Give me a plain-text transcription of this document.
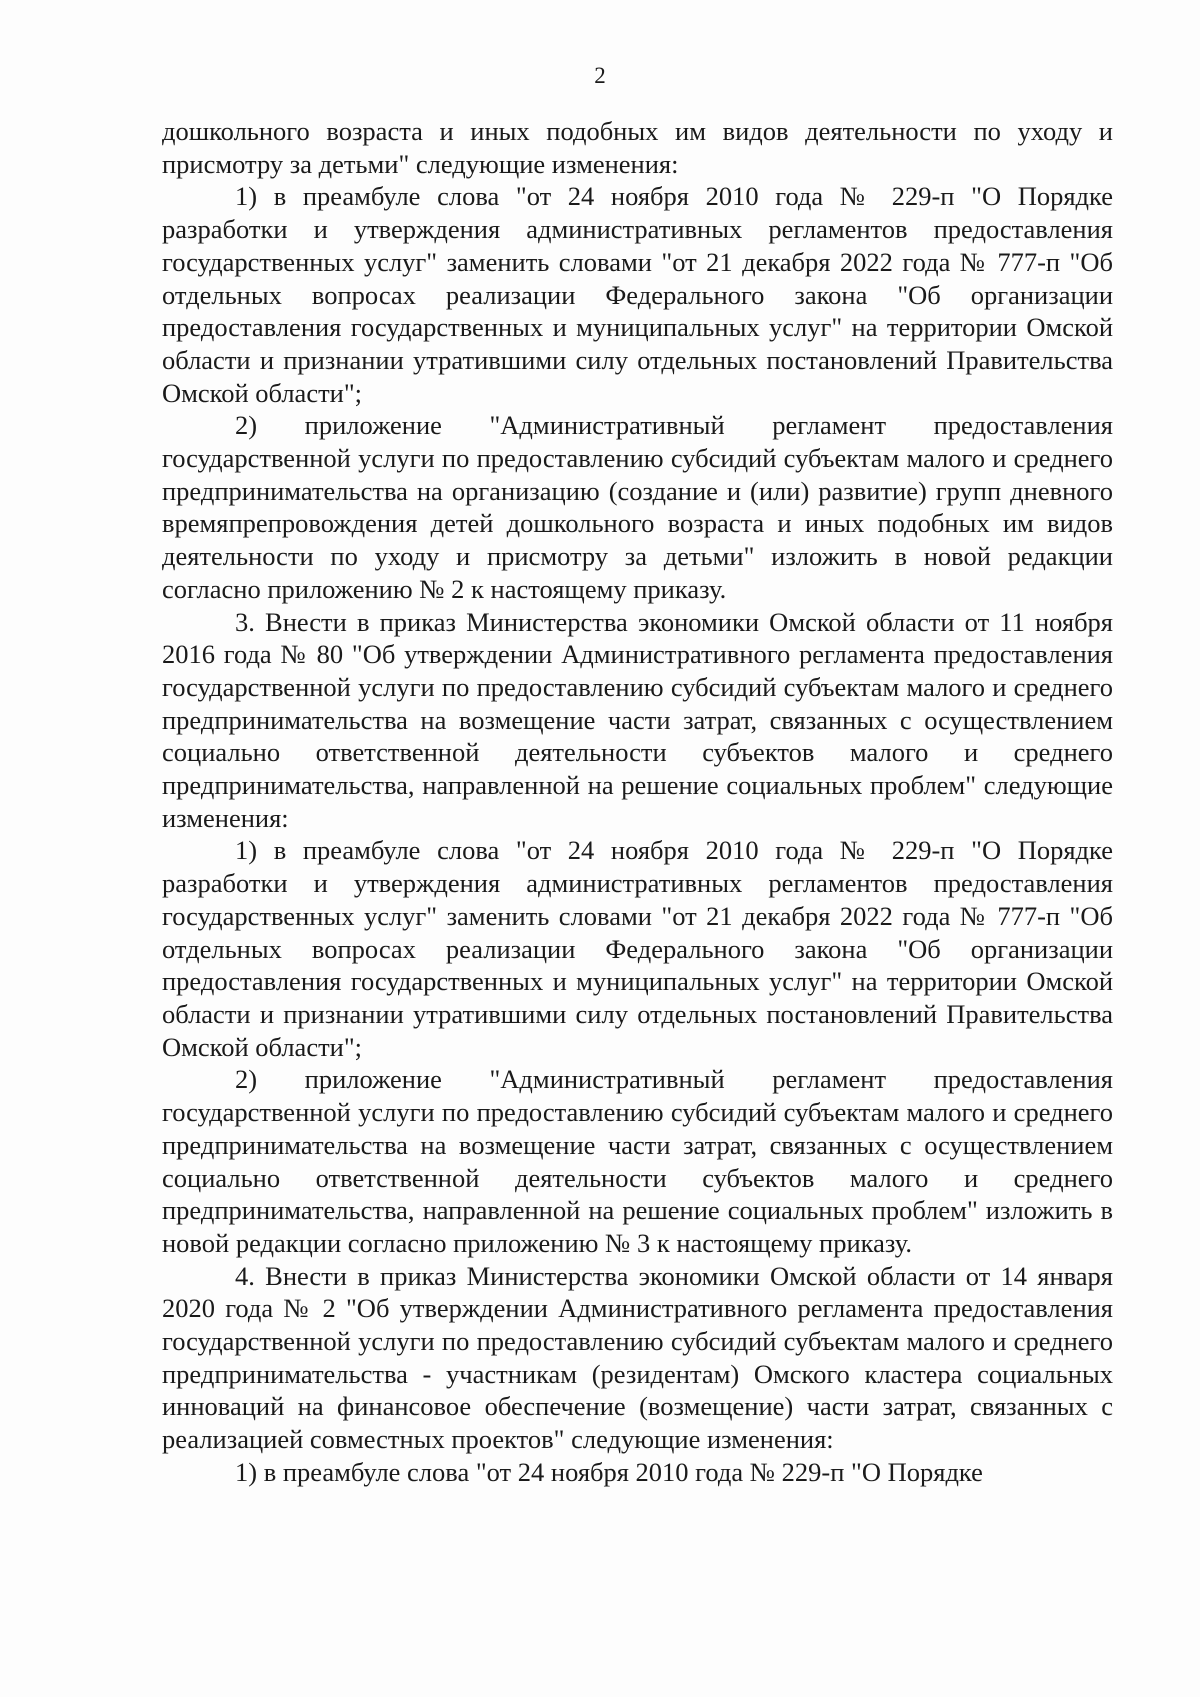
2

дошкольного возраста и иных подобных им видов деятельности по уходу и присмотру за детьми" следующие изменения:

1) в преамбуле слова "от 24 ноября 2010 года № 229-п "О Порядке разработки и утверждения административных регламентов предоставления государственных услуг" заменить словами "от 21 декабря 2022 года № 777-п "Об отдельных вопросах реализации Федерального закона "Об организации предоставления государственных и муниципальных услуг" на территории Омской области и признании утратившими силу отдельных постановлений Правительства Омской области";

2) приложение "Административный регламент предоставления государственной услуги по предоставлению субсидий субъектам малого и среднего предпринимательства на организацию (создание и (или) развитие) групп дневного времяпрепровождения детей дошкольного возраста и иных подобных им видов деятельности по уходу и присмотру за детьми" изложить в новой редакции согласно приложению № 2 к настоящему приказу.

3. Внести в приказ Министерства экономики Омской области от 11 ноября 2016 года № 80 "Об утверждении Административного регламента предоставления государственной услуги по предоставлению субсидий субъектам малого и среднего предпринимательства на возмещение части затрат, связанных с осуществлением социально ответственной деятельности субъектов малого и среднего предпринимательства, направленной на решение социальных проблем" следующие изменения:

1) в преамбуле слова "от 24 ноября 2010 года № 229-п "О Порядке разработки и утверждения административных регламентов предоставления государственных услуг" заменить словами "от 21 декабря 2022 года № 777-п "Об отдельных вопросах реализации Федерального закона "Об организации предоставления государственных и муниципальных услуг" на территории Омской области и признании утратившими силу отдельных постановлений Правительства Омской области";

2) приложение "Административный регламент предоставления государственной услуги по предоставлению субсидий субъектам малого и среднего предпринимательства на возмещение части затрат, связанных с осуществлением социально ответственной деятельности субъектов малого и среднего предпринимательства, направленной на решение социальных проблем" изложить в новой редакции согласно приложению № 3 к настоящему приказу.

4. Внести в приказ Министерства экономики Омской области от 14 января 2020 года № 2 "Об утверждении Административного регламента предоставления государственной услуги по предоставлению субсидий субъектам малого и среднего предпринимательства - участникам (резидентам) Омского кластера социальных инноваций на финансовое обеспечение (возмещение) части затрат, связанных с реализацией совместных проектов" следующие изменения:

1) в преамбуле слова "от 24 ноября 2010 года № 229-п "О Порядке
